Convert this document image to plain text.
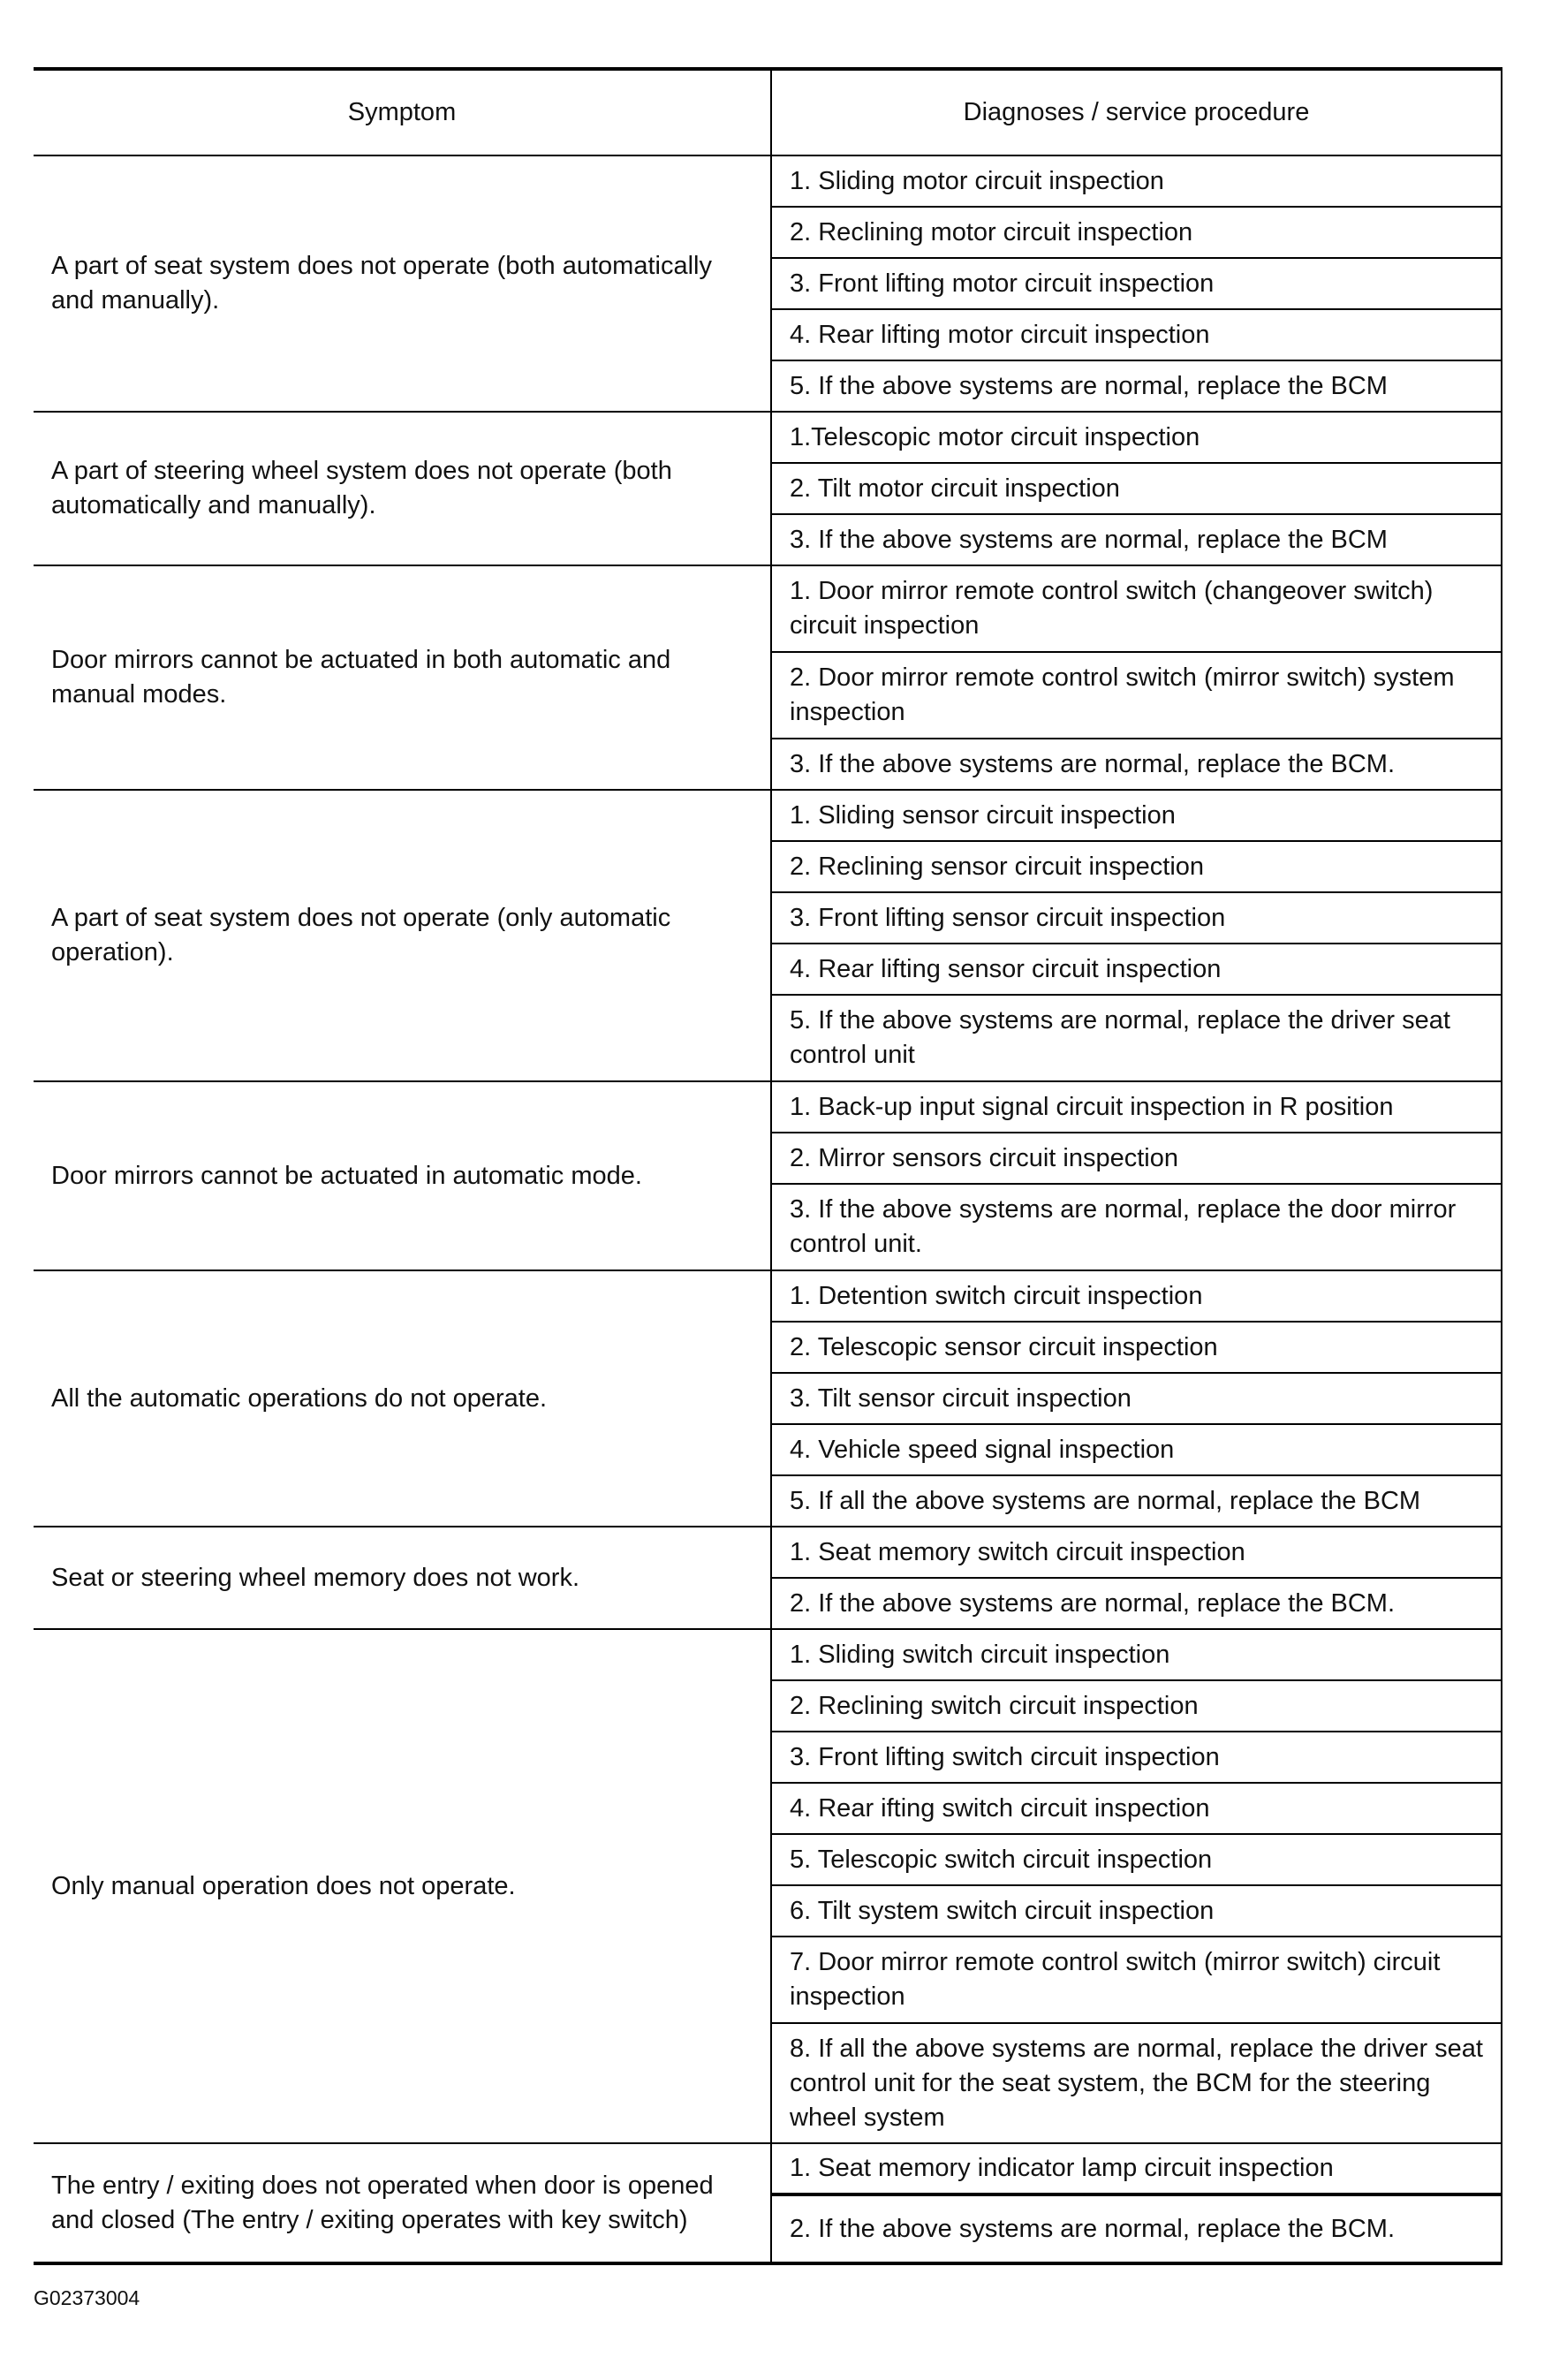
Symptom	Diagnoses / service procedure
A part of seat system does not operate (both automatically and manually).	1. Sliding motor circuit inspection
	2. Reclining motor circuit inspection
	3. Front lifting motor circuit inspection
	4. Rear lifting motor circuit inspection
	5. If the above systems are normal, replace the BCM
A part of steering wheel system does not operate (both automatically and manually).	1.Telescopic motor circuit inspection
	2. Tilt motor circuit inspection
	3. If the above systems are normal, replace the BCM
Door mirrors cannot be actuated in both automatic and manual modes.	1. Door mirror remote control switch (changeover switch) circuit inspection
	2. Door mirror remote control switch (mirror switch) system inspection
	3. If the above systems are normal, replace the BCM.
A part of seat system does not operate (only automatic operation).	1. Sliding sensor circuit inspection
	2. Reclining sensor circuit inspection
	3. Front lifting sensor circuit inspection
	4. Rear lifting sensor circuit inspection
	5. If the above systems are normal, replace the driver seat control unit
Door mirrors cannot be actuated in automatic mode.	1. Back-up input signal circuit inspection in R position
	2. Mirror sensors circuit inspection
	3. If the above systems are normal, replace the door mirror control unit.
All the automatic operations do not operate.	1. Detention switch circuit inspection
	2. Telescopic sensor circuit inspection
	3. Tilt sensor circuit inspection
	4. Vehicle speed signal inspection
	5. If all the above systems are normal, replace the BCM
Seat or steering wheel memory does not work.	1. Seat memory switch circuit inspection
	2. If the above systems are normal, replace the BCM.
Only manual operation does not operate.	1. Sliding switch circuit inspection
	2. Reclining switch circuit inspection
	3. Front lifting switch circuit inspection
	4. Rear ifting switch circuit inspection
	5. Telescopic switch circuit inspection
	6. Tilt system switch circuit inspection
	7. Door mirror remote control switch (mirror switch) circuit inspection
	8. If all the above systems are normal, replace the driver seat control unit for the seat system, the BCM for the steering wheel system
The entry / exiting does not operated when door is opened and closed (The entry / exiting operates with key switch)	1. Seat memory indicator lamp circuit inspection
	2. If the above systems are normal, replace the BCM.
G02373004
